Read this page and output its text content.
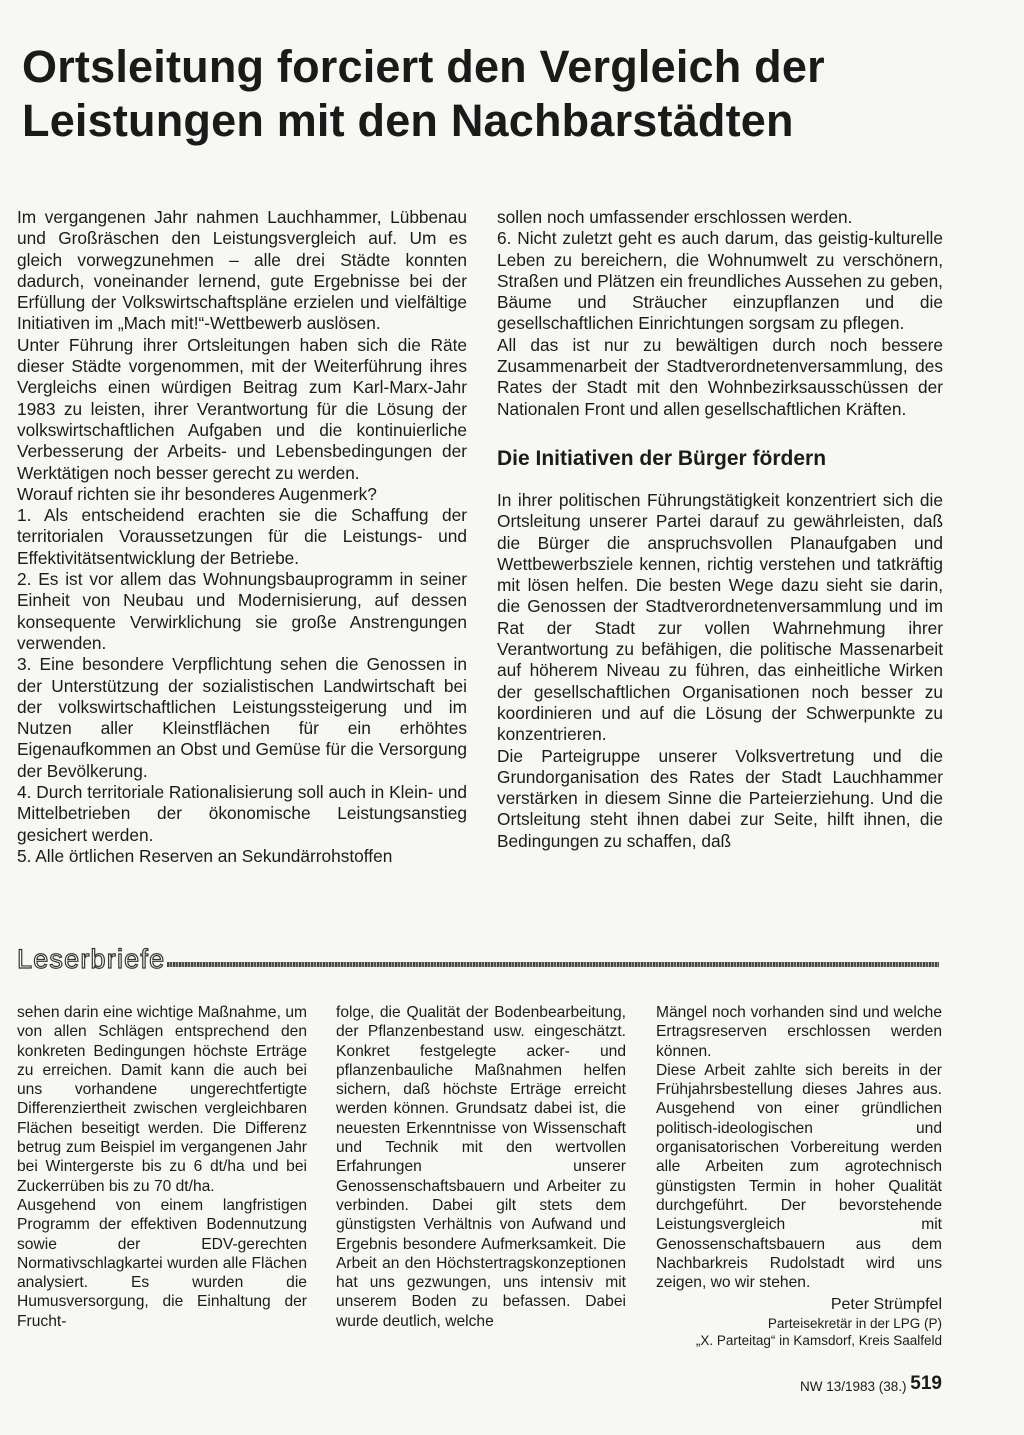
Ortsleitung forciert den Vergleich der
Leistungen mit den Nachbarstädten

Im vergangenen Jahr nahmen Lauchhammer, Lübbenau und Großräschen den Leistungsvergleich auf. Um es gleich vorwegzunehmen – alle drei Städte konnten dadurch, voneinander lernend, gute Ergebnisse bei der Erfüllung der Volkswirtschaftspläne erzielen und vielfältige Initiativen im „Mach mit!“-Wettbewerb auslösen.

Unter Führung ihrer Ortsleitungen haben sich die Räte dieser Städte vorgenommen, mit der Weiterführung ihres Vergleichs einen würdigen Beitrag zum Karl-Marx-Jahr 1983 zu leisten, ihrer Verantwortung für die Lösung der volkswirtschaftlichen Aufgaben und die kontinuierliche Verbesserung der Arbeits- und Lebensbedingungen der Werktätigen noch besser gerecht zu werden.

Worauf richten sie ihr besonderes Augenmerk?

1. Als entscheidend erachten sie die Schaffung der territorialen Voraussetzungen für die Leistungs- und Effektivitätsentwicklung der Betriebe.

2. Es ist vor allem das Wohnungsbauprogramm in seiner Einheit von Neubau und Modernisierung, auf dessen konsequente Verwirklichung sie große Anstrengungen verwenden.

3. Eine besondere Verpflichtung sehen die Genossen in der Unterstützung der sozialistischen Landwirtschaft bei der volkswirtschaftlichen Leistungssteigerung und im Nutzen aller Kleinstflächen für ein erhöhtes Eigenaufkommen an Obst und Gemüse für die Versorgung der Bevölkerung.

4. Durch territoriale Rationalisierung soll auch in Klein- und Mittelbetrieben der ökonomische Leistungsanstieg gesichert werden.

5. Alle örtlichen Reserven an Sekundärrohstoffen

sollen noch umfassender erschlossen werden.

6. Nicht zuletzt geht es auch darum, das geistig-kulturelle Leben zu bereichern, die Wohnumwelt zu verschönern, Straßen und Plätzen ein freundliches Aussehen zu geben, Bäume und Sträucher einzupflanzen und die gesellschaftlichen Einrichtungen sorgsam zu pflegen.

All das ist nur zu bewältigen durch noch bessere Zusammenarbeit der Stadtverordnetenversammlung, des Rates der Stadt mit den Wohnbezirksausschüssen der Nationalen Front und allen gesellschaftlichen Kräften.

Die Initiativen der Bürger fördern

In ihrer politischen Führungstätigkeit konzentriert sich die Ortsleitung unserer Partei darauf zu gewährleisten, daß die Bürger die anspruchsvollen Planaufgaben und Wettbewerbsziele kennen, richtig verstehen und tatkräftig mit lösen helfen. Die besten Wege dazu sieht sie darin, die Genossen der Stadtverordnetenversammlung und im Rat der Stadt zur vollen Wahrnehmung ihrer Verantwortung zu befähigen, die politische Massenarbeit auf höherem Niveau zu führen, das einheitliche Wirken der gesellschaftlichen Organisationen noch besser zu koordinieren und auf die Lösung der Schwerpunkte zu konzentrieren.

Die Parteigruppe unserer Volksvertretung und die Grundorganisation des Rates der Stadt Lauchhammer verstärken in diesem Sinne die Parteierziehung. Und die Ortsleitung steht ihnen dabei zur Seite, hilft ihnen, die Bedingungen zu schaffen, daß

Leserbriefe

sehen darin eine wichtige Maßnahme, um von allen Schlägen entsprechend den konkreten Bedingungen höchste Erträge zu erreichen. Damit kann die auch bei uns vorhandene ungerechtfertigte Differenziertheit zwischen vergleichbaren Flächen beseitigt werden. Die Differenz betrug zum Beispiel im vergangenen Jahr bei Wintergerste bis zu 6 dt/ha und bei Zuckerrüben bis zu 70 dt/ha.

Ausgehend von einem langfristigen Programm der effektiven Bodennutzung sowie der EDV-gerechten Normativschlagkartei wurden alle Flächen analysiert. Es wurden die Humusversorgung, die Einhaltung der Frucht-

folge, die Qualität der Bodenbearbeitung, der Pflanzenbestand usw. eingeschätzt. Konkret festgelegte acker- und pflanzenbauliche Maßnahmen helfen sichern, daß höchste Erträge erreicht werden können. Grundsatz dabei ist, die neuesten Erkenntnisse von Wissenschaft und Technik mit den wertvollen Erfahrungen unserer Genossenschaftsbauern und Arbeiter zu verbinden. Dabei gilt stets dem günstigsten Verhältnis von Aufwand und Ergebnis besondere Aufmerksamkeit. Die Arbeit an den Höchstertragskonzeptionen hat uns gezwungen, uns intensiv mit unserem Boden zu befassen. Dabei wurde deutlich, welche

Mängel noch vorhanden sind und welche Ertragsreserven erschlossen werden können.

Diese Arbeit zahlte sich bereits in der Frühjahrsbestellung dieses Jahres aus. Ausgehend von einer gründlichen politisch-ideologischen und organisatorischen Vorbereitung werden alle Arbeiten zum agrotechnisch günstigsten Termin in hoher Qualität durchgeführt. Der bevorstehende Leistungsvergleich mit Genossenschaftsbauern aus dem Nachbarkreis Rudolstadt wird uns zeigen, wo wir stehen.

Peter Strümpfel

Parteisekretär in der LPG (P)

„X. Parteitag“ in Kamsdorf, Kreis Saalfeld

NW 13/1983 (38.) 519
